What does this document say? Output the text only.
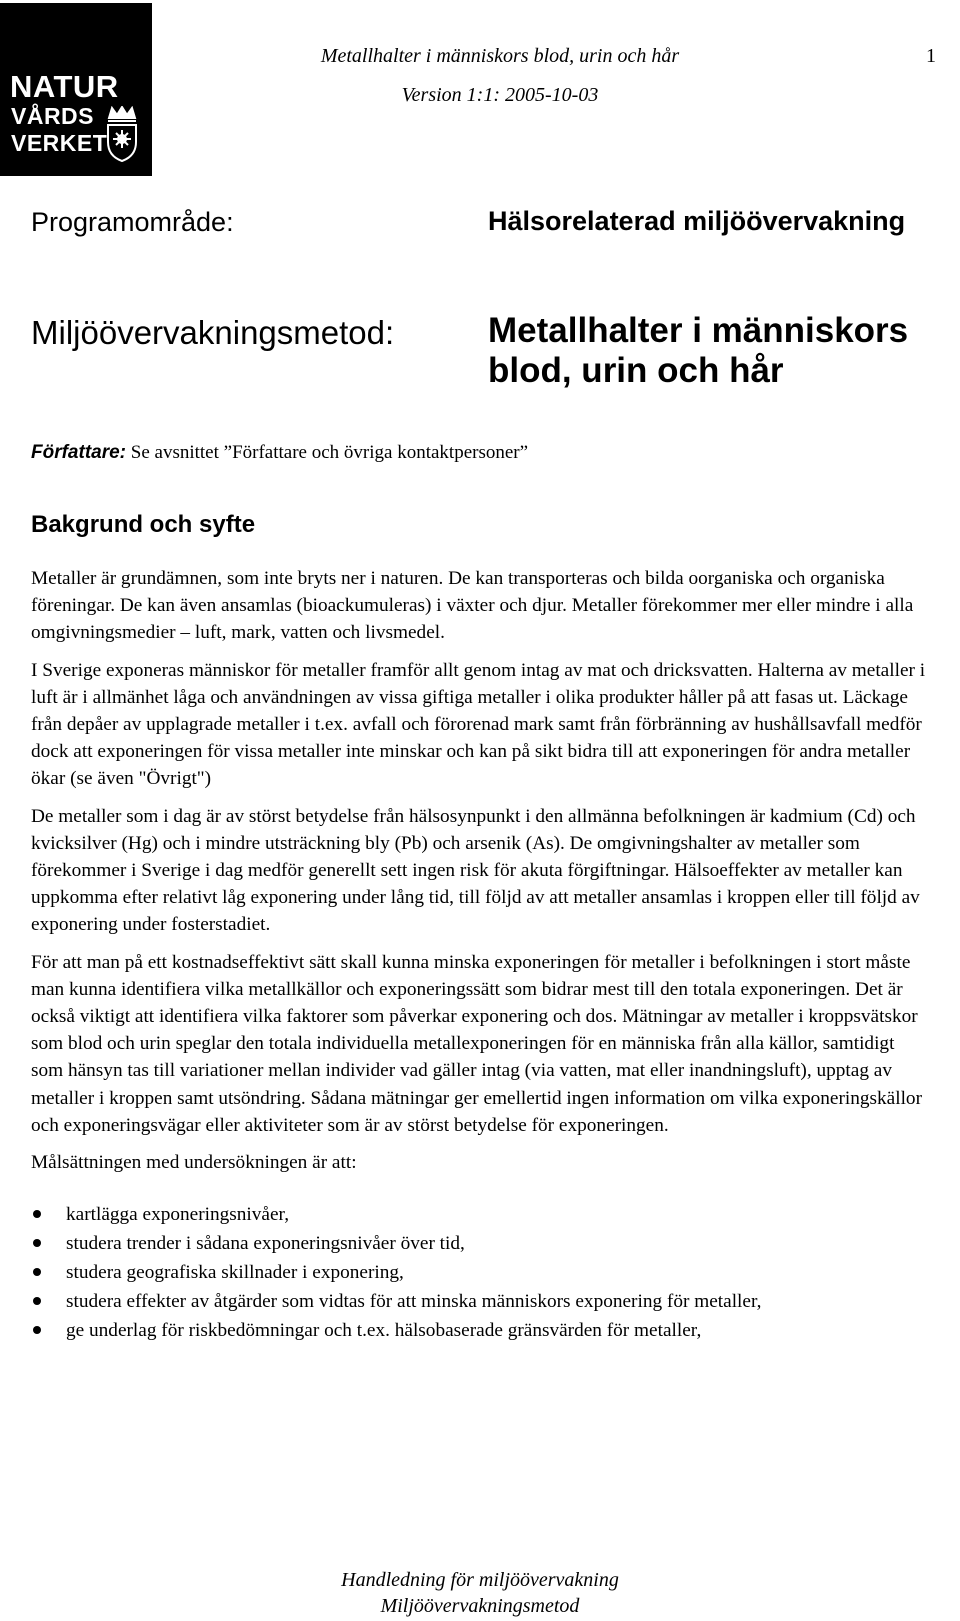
NATUR
VÅRDS
VERKET
Metallhalter i människors blod, urin och hår
Version 1:1: 2005-10-03
1
Programområde:	Hälsorelaterad miljöövervakning
Miljöövervakningsmetod:	Metallhalter i människors
blod, urin och hår
Författare: Se avsnittet ”Författare och övriga kontaktpersoner”
Bakgrund och syfte

Metaller är grundämnen, som inte bryts ner i naturen. De kan transporteras och bilda oorganiska och organiska föreningar. De kan även ansamlas (bioackumuleras) i växter och djur. Metaller förekommer mer eller mindre i alla omgivningsmedier – luft, mark, vatten och livsmedel.

I Sverige exponeras människor för metaller framför allt genom intag av mat och dricksvatten. Halterna av metaller i luft är i allmänhet låga och användningen av vissa giftiga metaller i olika produkter håller på att fasas ut. Läckage från depåer av upplagrade metaller i t.ex. avfall och förorenad mark samt från förbränning av hushållsavfall medför dock att exponeringen för vissa metaller inte minskar och kan på sikt bidra till att exponeringen för andra metaller ökar (se även "Övrigt")

De metaller som i dag är av störst betydelse från hälsosynpunkt i den allmänna befolkningen är kadmium (Cd) och kvicksilver (Hg) och i mindre utsträckning bly (Pb) och arsenik (As). De omgivningshalter av metaller som förekommer i Sverige i dag medför generellt sett ingen risk för akuta förgiftningar. Hälsoeffekter av metaller kan uppkomma efter relativt låg exponering under lång tid, till följd av att metaller ansamlas i kroppen eller till följd av exponering under fosterstadiet.

För att man på ett kostnadseffektivt sätt skall kunna minska exponeringen för metaller i befolkningen i stort måste man kunna identifiera vilka metallkällor och exponeringssätt som bidrar mest till den totala exponeringen. Det är också viktigt att identifiera vilka faktorer som påverkar exponering och dos. Mätningar av metaller i kroppsvätskor som blod och urin speglar den totala individuella metallexponeringen för en människa från alla källor, samtidigt som hänsyn tas till variationer mellan individer vad gäller intag (via vatten, mat eller inandningsluft), upptag av metaller i kroppen samt utsöndring. Sådana mätningar ger emellertid ingen information om vilka exponeringskällor och exponeringsvägar eller aktiviteter som är av störst betydelse för exponeringen.

Målsättningen med undersökningen är att:

kartlägga exponeringsnivåer,
studera trender i sådana exponeringsnivåer över tid,
studera geografiska skillnader i exponering,
studera effekter av åtgärder som vidtas för att minska människors exponering för metaller,
ge underlag för riskbedömningar och t.ex. hälsobaserade gränsvärden för metaller,
Handledning för miljöövervakning
Miljöövervakningsmetod
